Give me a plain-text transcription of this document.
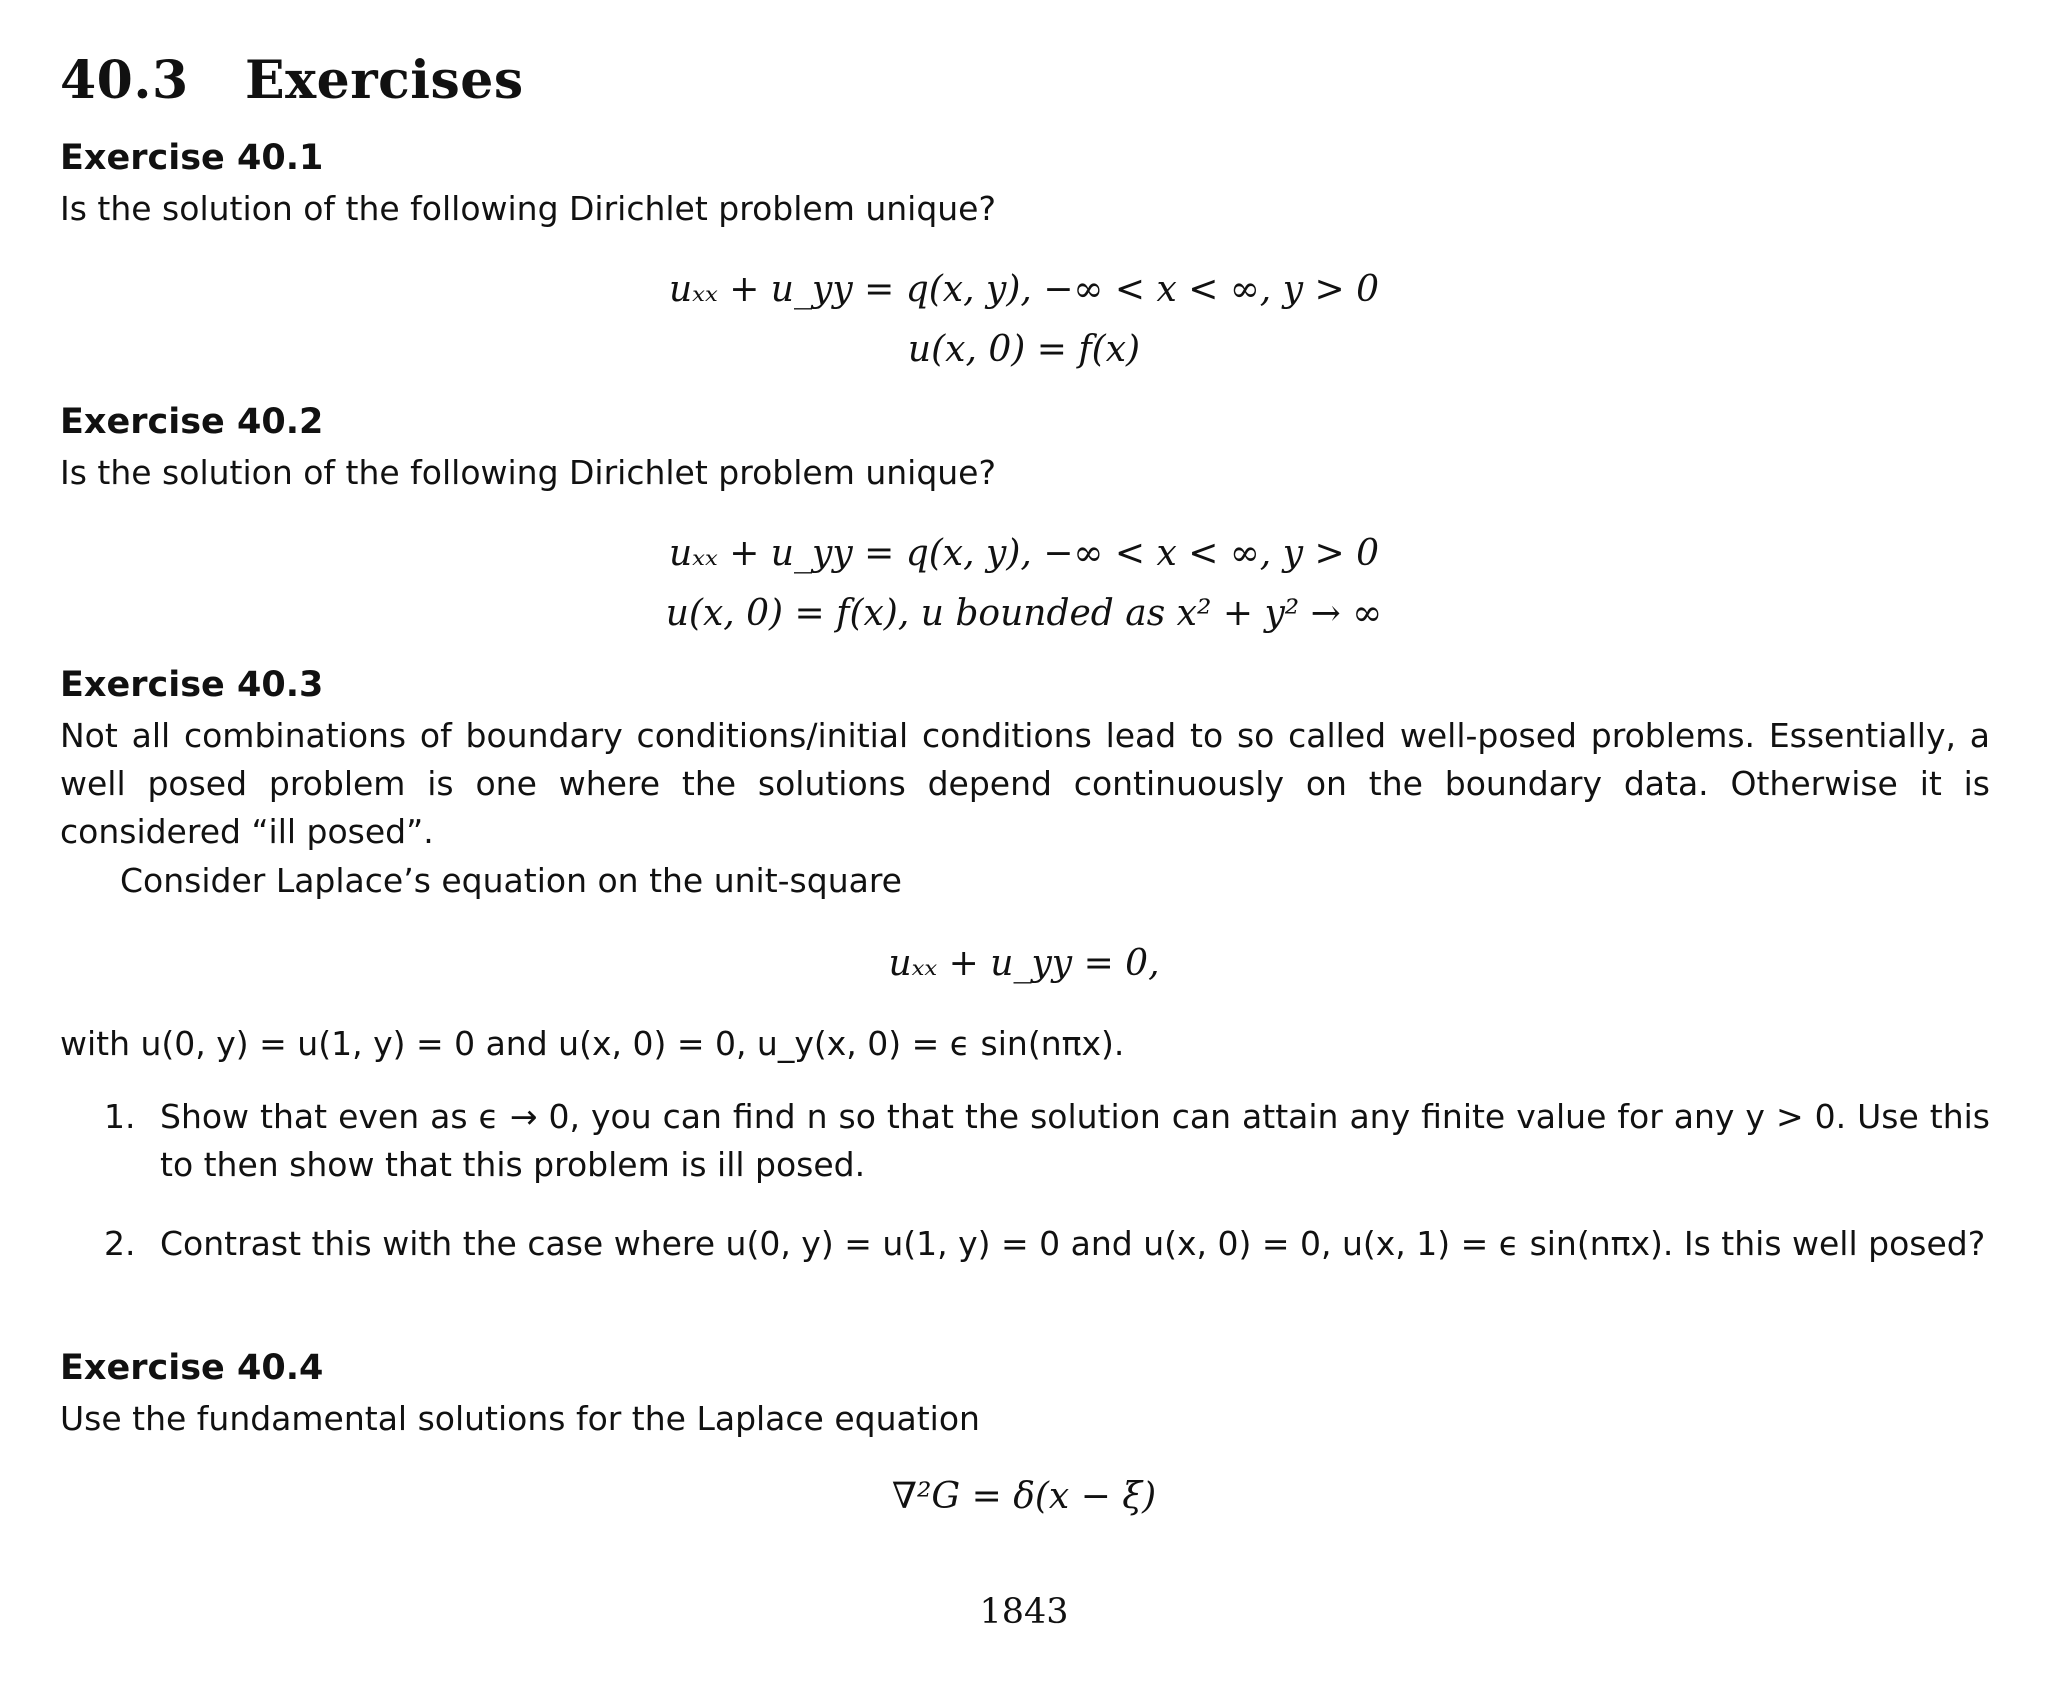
40.3 Exercises
Exercise 40.1

Is the solution of the following Dirichlet problem unique?

uₓₓ + u_yy = q(x, y), −∞ < x < ∞, y > 0
u(x, 0) = f(x)
Exercise 40.2

Is the solution of the following Dirichlet problem unique?

uₓₓ + u_yy = q(x, y), −∞ < x < ∞, y > 0
u(x, 0) = f(x), u bounded as x² + y² → ∞
Exercise 40.3

Not all combinations of boundary conditions/initial conditions lead to so called well-posed problems. Essentially, a well posed problem is one where the solutions depend continuously on the boundary data. Otherwise it is considered “ill posed”.

Consider Laplace’s equation on the unit-square

uₓₓ + u_yy = 0,

with u(0, y) = u(1, y) = 0 and u(x, 0) = 0, u_y(x, 0) = ϵ sin(nπx).

1. Show that even as ϵ → 0, you can find n so that the solution can attain any finite value for any y > 0. Use this to then show that this problem is ill posed.
2. Contrast this with the case where u(0, y) = u(1, y) = 0 and u(x, 0) = 0, u(x, 1) = ϵ sin(nπx). Is this well posed?
Exercise 40.4

Use the fundamental solutions for the Laplace equation

∇²G = δ(x − ξ)
1843
